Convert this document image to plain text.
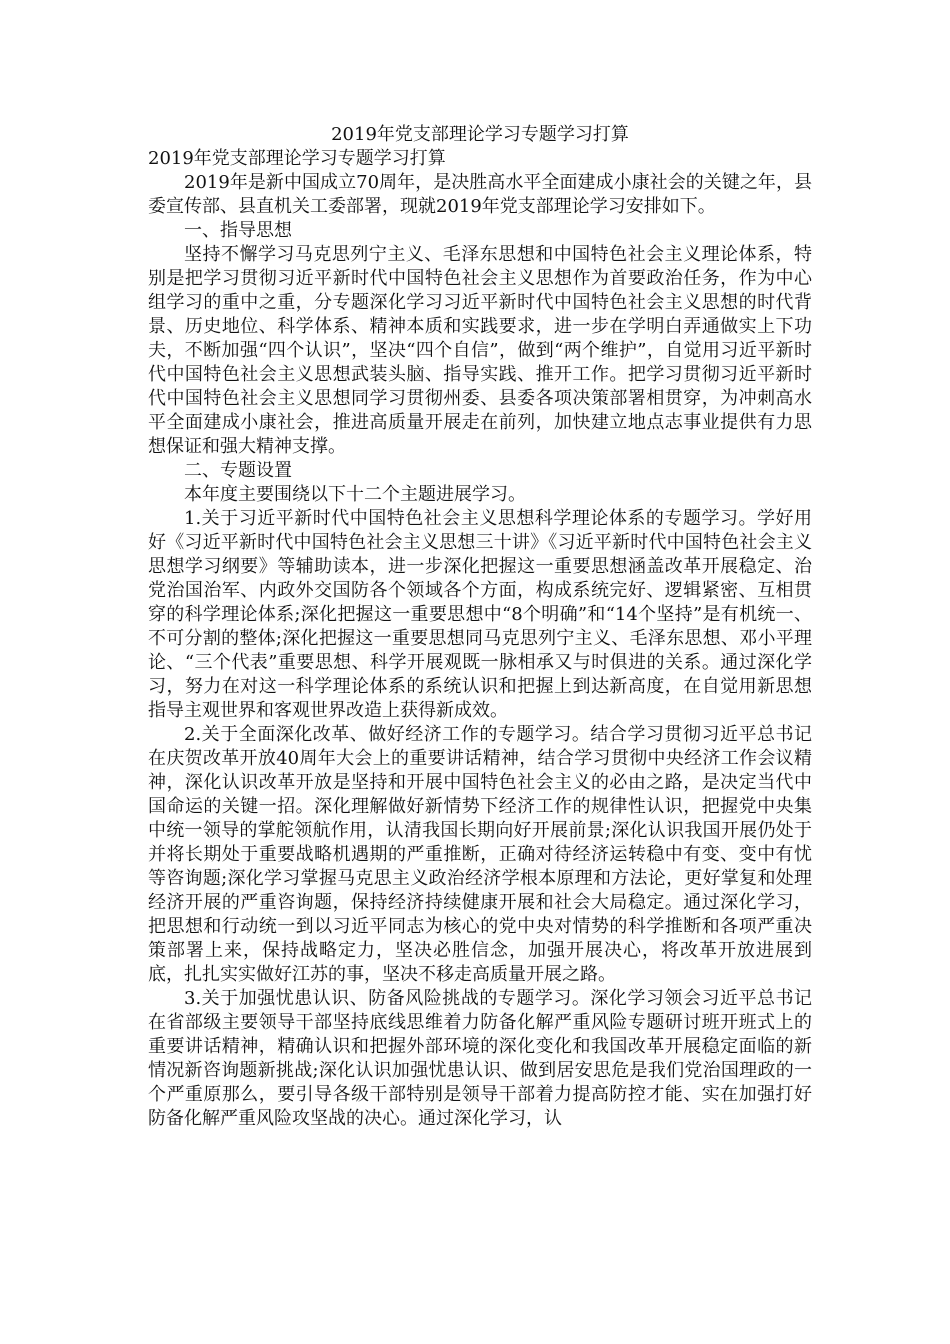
2019年党支部理论学习专题学习打算

2019年党支部理论学习专题学习打算

2019年是新中国成立70周年，是决胜高水平全面建成小康社会的关键之年，县委宣传部、县直机关工委部署，现就2019年党支部理论学习安排如下。

一、指导思想

坚持不懈学习马克思列宁主义、毛泽东思想和中国特色社会主义理论体系，特别是把学习贯彻习近平新时代中国特色社会主义思想作为首要政治任务，作为中心组学习的重中之重，分专题深化学习习近平新时代中国特色社会主义思想的时代背景、历史地位、科学体系、精神本质和实践要求，进一步在学明白弄通做实上下功夫，不断加强“四个认识”，坚决“四个自信”，做到“两个维护”，自觉用习近平新时代中国特色社会主义思想武装头脑、指导实践、推开工作。把学习贯彻习近平新时代中国特色社会主义思想同学习贯彻州委、县委各项决策部署相贯穿，为冲刺高水平全面建成小康社会，推进高质量开展走在前列，加快建立地点志事业提供有力思想保证和强大精神支撑。

二、专题设置

本年度主要围绕以下十二个主题进展学习。

1.关于习近平新时代中国特色社会主义思想科学理论体系的专题学习。学好用好《习近平新时代中国特色社会主义思想三十讲》《习近平新时代中国特色社会主义思想学习纲要》等辅助读本，进一步深化把握这一重要思想涵盖改革开展稳定、治党治国治军、内政外交国防各个领域各个方面，构成系统完好、逻辑紧密、互相贯穿的科学理论体系;深化把握这一重要思想中“8个明确”和“14个坚持”是有机统一、不可分割的整体;深化把握这一重要思想同马克思列宁主义、毛泽东思想、邓小平理论、“三个代表”重要思想、科学开展观既一脉相承又与时俱进的关系。通过深化学习，努力在对这一科学理论体系的系统认识和把握上到达新高度，在自觉用新思想指导主观世界和客观世界改造上获得新成效。

2.关于全面深化改革、做好经济工作的专题学习。结合学习贯彻习近平总书记在庆贺改革开放40周年大会上的重要讲话精神，结合学习贯彻中央经济工作会议精神，深化认识改革开放是坚持和开展中国特色社会主义的必由之路，是决定当代中国命运的关键一招。深化理解做好新情势下经济工作的规律性认识，把握党中央集中统一领导的掌舵领航作用，认清我国长期向好开展前景;深化认识我国开展仍处于并将长期处于重要战略机遇期的严重推断，正确对待经济运转稳中有变、变中有忧等咨询题;深化学习掌握马克思主义政治经济学根本原理和方法论，更好掌复和处理经济开展的严重咨询题，保持经济持续健康开展和社会大局稳定。通过深化学习，把思想和行动统一到以习近平同志为核心的党中央对情势的科学推断和各项严重决策部署上来，保持战略定力，坚决必胜信念，加强开展决心，将改革开放进展到底，扎扎实实做好江苏的事，坚决不移走高质量开展之路。

3.关于加强忧患认识、防备风险挑战的专题学习。深化学习领会习近平总书记在省部级主要领导干部坚持底线思维着力防备化解严重风险专题研讨班开班式上的重要讲话精神，精确认识和把握外部环境的深化变化和我国改革开展稳定面临的新情况新咨询题新挑战;深化认识加强忧患认识、做到居安思危是我们党治国理政的一个严重原那么，要引导各级干部特别是领导干部着力提高防控才能、实在加强打好防备化解严重风险攻坚战的决心。通过深化学习，认
